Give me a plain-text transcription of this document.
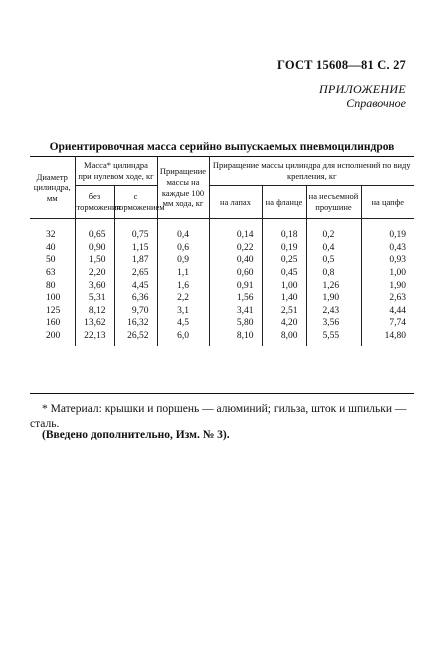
ГОСТ 15608—81 С. 27
ПРИЛОЖЕНИЕ
Справочное
Ориентировочная масса серийно выпускаемых пневмоцилиндров
Диаметр цилиндра, мм	Масса* цилиндра при нулевом ходе, кг		Приращение массы на каждые 100 мм хода, кг	Приращение массы цилиндра для исполнений по виду крепления, кг			
	без торможения	с торможением		на лапах	на фланце	на несъемной проушине	на цапфе
32	0,65	0,75	0,4	0,14	0,18	0,2	0,19
40	0,90	1,15	0,6	0,22	0,19	0,4	0,43
50	1,50	1,87	0,9	0,40	0,25	0,5	0,93
63	2,20	2,65	1,1	0,60	0,45	0,8	1,00
80	3,60	4,45	1,6	0,91	1,00	1,26	1,90
100	5,31	6,36	2,2	1,56	1,40	1,90	2,63
125	8,12	9,70	3,1	3,41	2,51	2,43	4,44
160	13,62	16,32	4,5	5,80	4,20	3,56	7,74
200	22,13	26,52	6,0	8,10	8,00	5,55	14,80
* Материал: крышки и поршень — алюминий; гильза, шток и шпильки — сталь.
(Введено дополнительно, Изм. № 3).
